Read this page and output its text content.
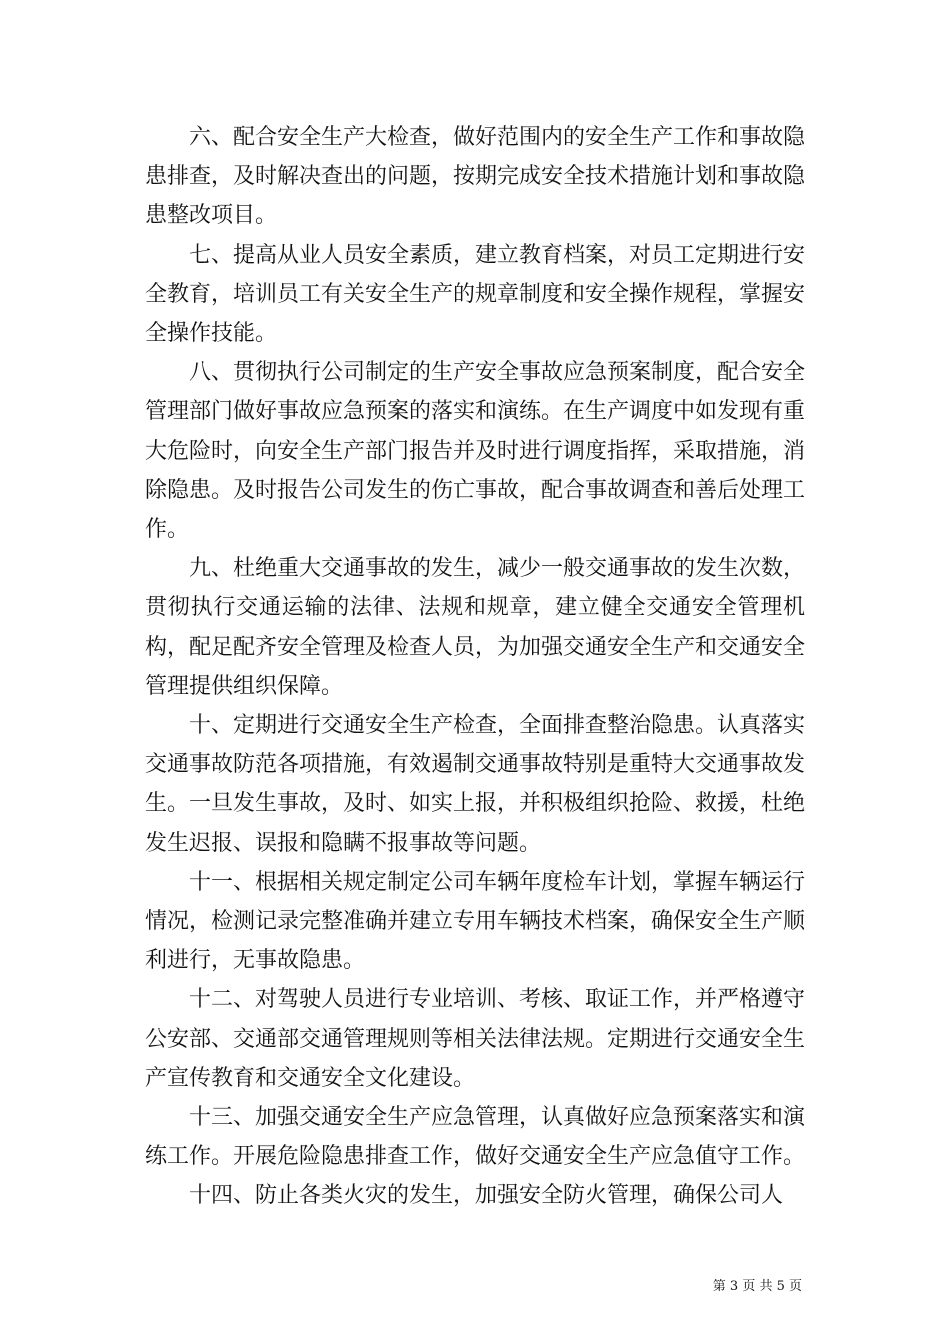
六、配合安全生产大检查，做好范围内的安全生产工作和事故隐患排查，及时解决查出的问题，按期完成安全技术措施计划和事故隐患整改项目。

七、提高从业人员安全素质，建立教育档案，对员工定期进行安全教育，培训员工有关安全生产的规章制度和安全操作规程，掌握安全操作技能。

八、贯彻执行公司制定的生产安全事故应急预案制度，配合安全管理部门做好事故应急预案的落实和演练。在生产调度中如发现有重大危险时，向安全生产部门报告并及时进行调度指挥，采取措施，消除隐患。及时报告公司发生的伤亡事故，配合事故调查和善后处理工作。

九、杜绝重大交通事故的发生，减少一般交通事故的发生次数，贯彻执行交通运输的法律、法规和规章，建立健全交通安全管理机构，配足配齐安全管理及检查人员，为加强交通安全生产和交通安全管理提供组织保障。

十、定期进行交通安全生产检查，全面排查整治隐患。认真落实交通事故防范各项措施，有效遏制交通事故特别是重特大交通事故发生。一旦发生事故，及时、如实上报，并积极组织抢险、救援，杜绝发生迟报、误报和隐瞒不报事故等问题。

十一、根据相关规定制定公司车辆年度检车计划，掌握车辆运行情况，检测记录完整准确并建立专用车辆技术档案，确保安全生产顺利进行，无事故隐患。

十二、对驾驶人员进行专业培训、考核、取证工作，并严格遵守公安部、交通部交通管理规则等相关法律法规。定期进行交通安全生产宣传教育和交通安全文化建设。

十三、加强交通安全生产应急管理，认真做好应急预案落实和演练工作。开展危险隐患排查工作，做好交通安全生产应急值守工作。

十四、防止各类火灾的发生，加强安全防火管理，确保公司人

第 3 页 共 5 页
